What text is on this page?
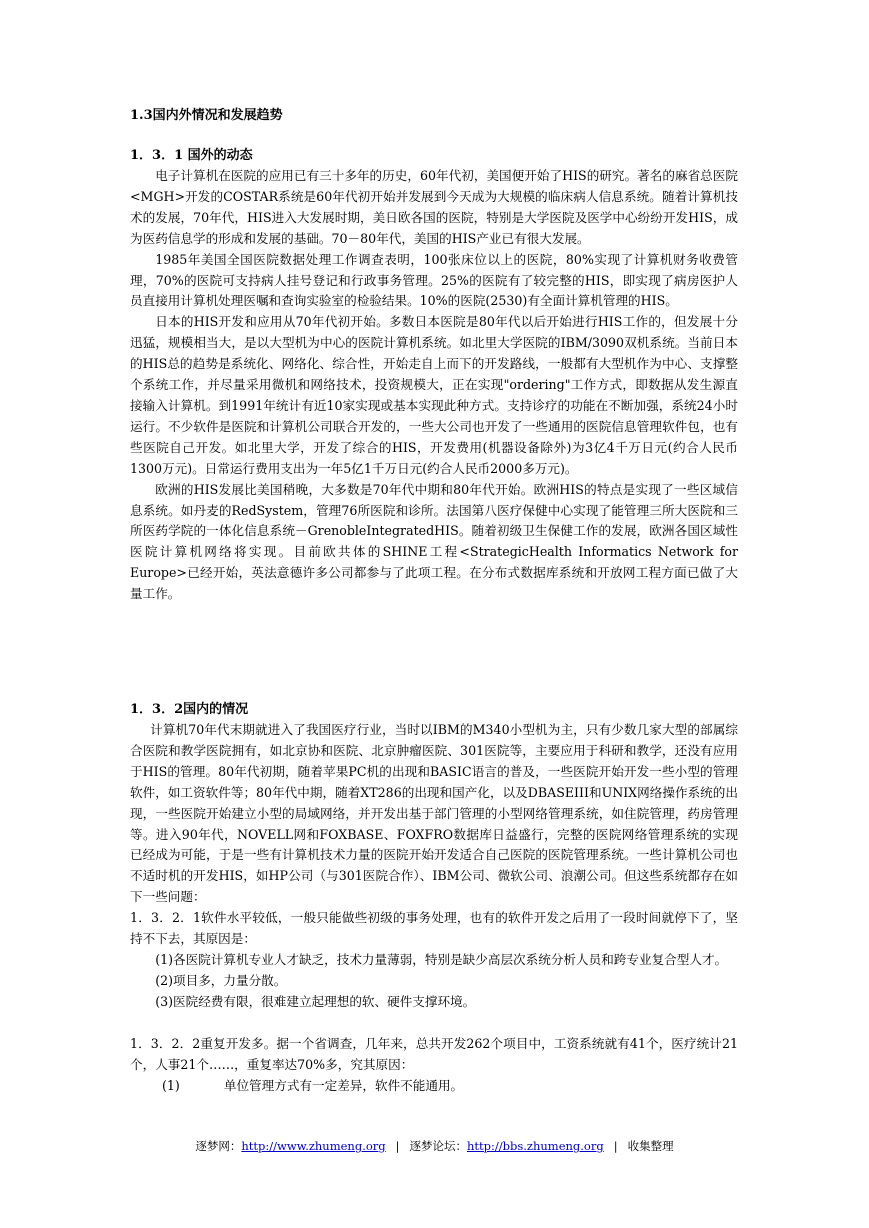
1.3国内外情况和发展趋势
1．3．1 国外的动态

电子计算机在医院的应用已有三十多年的历史，60年代初，美国便开始了HIS的研究。著名的麻省总医院<MGH>开发的COSTAR系统是60年代初开始并发展到今天成为大规模的临床病人信息系统。随着计算机技术的发展，70年代，HIS进入大发展时期，美日欧各国的医院，特别是大学医院及医学中心纷纷开发HIS，成为医药信息学的形成和发展的基础。70－80年代，美国的HIS产业已有很大发展。

1985年美国全国医院数据处理工作调查表明，100张床位以上的医院，80%实现了计算机财务收费管理，70%的医院可支持病人挂号登记和行政事务管理。25%的医院有了较完整的HIS，即实现了病房医护人员直接用计算机处理医嘱和查询实验室的检验结果。10%的医院(2530)有全面计算机管理的HIS。

日本的HIS开发和应用从70年代初开始。多数日本医院是80年代以后开始进行HIS工作的，但发展十分迅猛，规模相当大，是以大型机为中心的医院计算机系统。如北里大学医院的IBM/3090双机系统。当前日本的HIS总的趋势是系统化、网络化、综合性，开始走自上而下的开发路线，一般都有大型机作为中心、支撑整个系统工作，并尽量采用微机和网络技术，投资规模大，正在实现"ordering"工作方式，即数据从发生源直接输入计算机。到1991年统计有近10家实现或基本实现此种方式。支持诊疗的功能在不断加强，系统24小时运行。不少软件是医院和计算机公司联合开发的，一些大公司也开发了一些通用的医院信息管理软件包，也有些医院自己开发。如北里大学，开发了综合的HIS，开发费用(机器设备除外)为3亿4千万日元(约合人民币1300万元)。日常运行费用支出为一年5亿1千万日元(约合人民币2000多万元)。

欧洲的HIS发展比美国稍晚，大多数是70年代中期和80年代开始。欧洲HIS的特点是实现了一些区域信息系统。如丹麦的RedSystem，管理76所医院和诊所。法国第八医疗保健中心实现了能管理三所大医院和三所医药学院的一体化信息系统－GrenobleIntegratedHIS。随着初级卫生保健工作的发展，欧洲各国区域性医院计算机网络将实现。目前欧共体的SHINE工程<StrategicHealth Informatics Network for Europe>已经开始，英法意德许多公司都参与了此项工程。在分布式数据库系统和开放网工程方面已做了大量工作。

1．3．2国内的情况

计算机70年代末期就进入了我国医疗行业，当时以IBM的M340小型机为主，只有少数几家大型的部属综合医院和教学医院拥有，如北京协和医院、北京肿瘤医院、301医院等，主要应用于科研和教学，还没有应用于HIS的管理。80年代初期，随着苹果PC机的出现和BASIC语言的普及，一些医院开始开发一些小型的管理软件，如工资软件等；80年代中期，随着XT286的出现和国产化，以及DBASEIII和UNIX网络操作系统的出现，一些医院开始建立小型的局域网络，并开发出基于部门管理的小型网络管理系统，如住院管理，药房管理等。进入90年代，NOVELL网和FOXBASE、FOXFRO数据库日益盛行，完整的医院网络管理系统的实现已经成为可能，于是一些有计算机技术力量的医院开始开发适合自己医院的医院管理系统。一些计算机公司也不适时机的开发HIS，如HP公司（与301医院合作）、IBM公司、微软公司、浪潮公司。但这些系统都存在如下一些问题：

1．3．2．1软件水平较低，一般只能做些初级的事务处理，也有的软件开发之后用了一段时间就停下了，坚持不下去，其原因是：

(1)各医院计算机专业人才缺乏，技术力量薄弱，特别是缺少高层次系统分析人员和跨专业复合型人才。

(2)项目多，力量分散。

(3)医院经费有限，很难建立起理想的软、硬件支撑环境。

1．3．2．2重复开发多。据一个省调查，几年来，总共开发262个项目中，工资系统就有41个，医疗统计21个，人事21个……，重复率达70%多，究其原因：

(1)	单位管理方式有一定差异，软件不能通用。

逐梦网：http://www.zhumeng.org | 逐梦论坛：http://bbs.zhumeng.org | 收集整理
